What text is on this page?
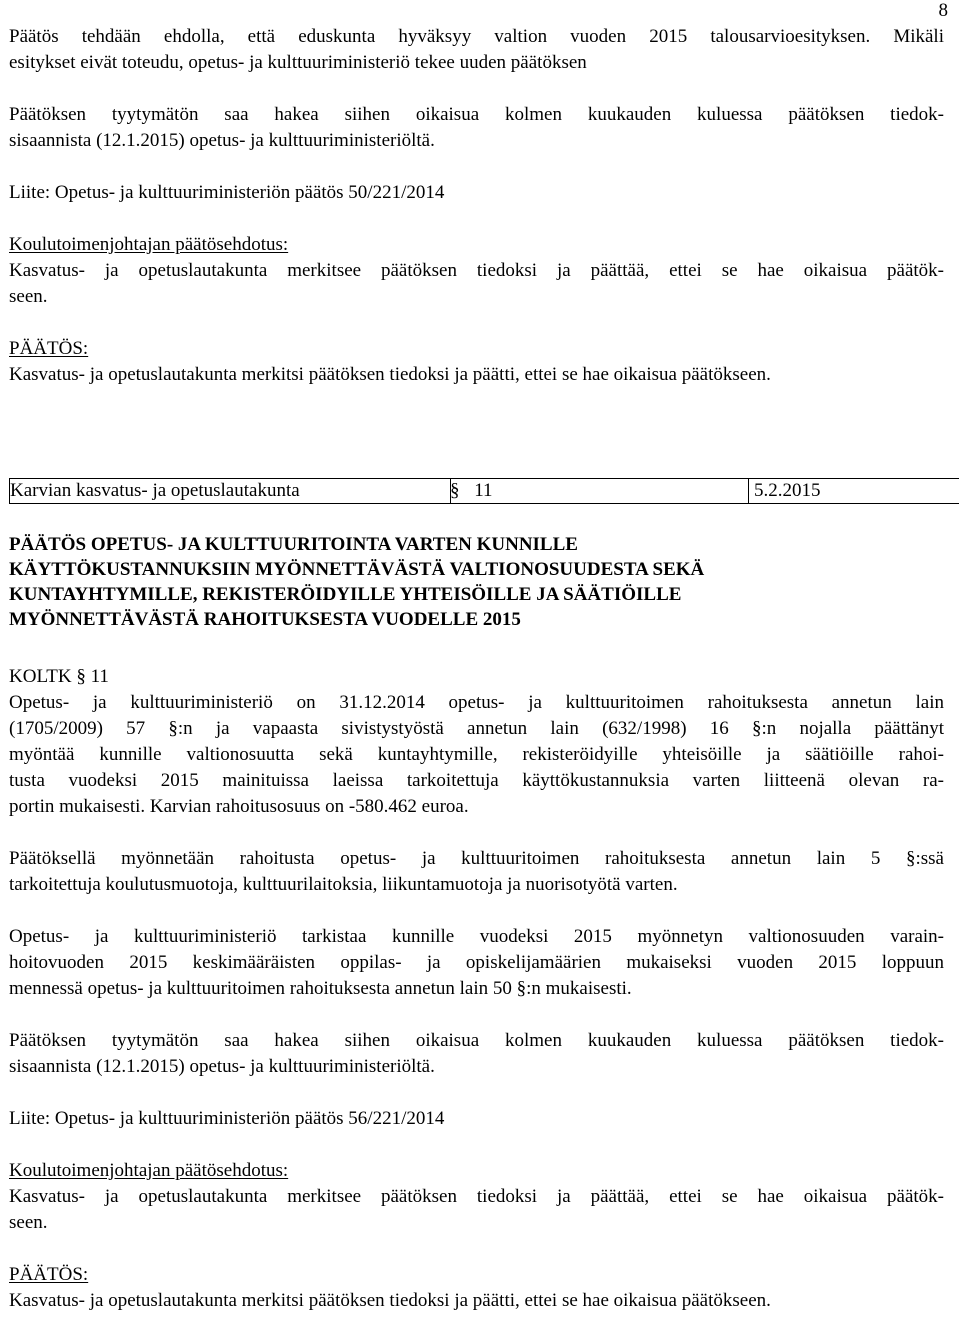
8

Päätös tehdään ehdolla, että eduskunta hyväksyy valtion vuoden 2015 talousarvioesityksen. Mikäli

esitykset eivät toteudu, opetus- ja kulttuuriministeriö tekee uuden päätöksen

Päätöksen tyytymätön saa hakea siihen oikaisua kolmen kuukauden kuluessa päätöksen tiedok-

sisaannista (12.1.2015) opetus- ja kulttuuriministeriöltä.

Liite: Opetus- ja kulttuuriministeriön päätös 50/221/2014

Koulutoimenjohtajan päätösehdotus:

Kasvatus- ja opetuslautakunta merkitsee päätöksen tiedoksi ja päättää, ettei se hae oikaisua päätök-

seen.

PÄÄTÖS:

Kasvatus- ja opetuslautakunta merkitsi päätöksen tiedoksi ja päätti, ettei se hae oikaisua päätökseen.

Karvian kasvatus- ja opetuslautakunta	§ 11	5.2.2015
PÄÄTÖS OPETUS- JA KULTTUURITOINTA VARTEN KUNNILLE
KÄYTTÖKUSTANNUKSIIN MYÖNNETTÄVÄSTÄ VALTIONOSUUDESTA SEKÄ
KUNTAYHTYMILLE, REKISTERÖIDYILLE YHTEISÖILLE JA SÄÄTIÖILLE
MYÖNNETTÄVÄSTÄ RAHOITUKSESTA VUODELLE 2015

KOLTK § 11

Opetus- ja kulttuuriministeriö on 31.12.2014 opetus- ja kulttuuritoimen rahoituksesta annetun lain

(1705/2009) 57 §:n ja vapaasta sivistystyöstä annetun lain (632/1998) 16 §:n nojalla päättänyt

myöntää kunnille valtionosuutta sekä kuntayhtymille, rekisteröidyille yhteisöille ja säätiöille rahoi-

tusta vuodeksi 2015 mainituissa laeissa tarkoitettuja käyttökustannuksia varten liitteenä olevan ra-

portin mukaisesti. Karvian rahoitusosuus on -580.462 euroa.

Päätöksellä myönnetään rahoitusta opetus- ja kulttuuritoimen rahoituksesta annetun lain 5 §:ssä

tarkoitettuja koulutusmuotoja, kulttuurilaitoksia, liikuntamuotoja ja nuorisotyötä varten.

Opetus- ja kulttuuriministeriö tarkistaa kunnille vuodeksi 2015 myönnetyn valtionosuuden varain-

hoitovuoden 2015 keskimääräisten oppilas- ja opiskelijamäärien mukaiseksi vuoden 2015 loppuun

mennessä opetus- ja kulttuuritoimen rahoituksesta annetun lain 50 §:n mukaisesti.

Päätöksen tyytymätön saa hakea siihen oikaisua kolmen kuukauden kuluessa päätöksen tiedok-

sisaannista (12.1.2015) opetus- ja kulttuuriministeriöltä.

Liite: Opetus- ja kulttuuriministeriön päätös 56/221/2014

Koulutoimenjohtajan päätösehdotus:

Kasvatus- ja opetuslautakunta merkitsee päätöksen tiedoksi ja päättää, ettei se hae oikaisua päätök-

seen.

PÄÄTÖS:

Kasvatus- ja opetuslautakunta merkitsi päätöksen tiedoksi ja päätti, ettei se hae oikaisua päätökseen.
